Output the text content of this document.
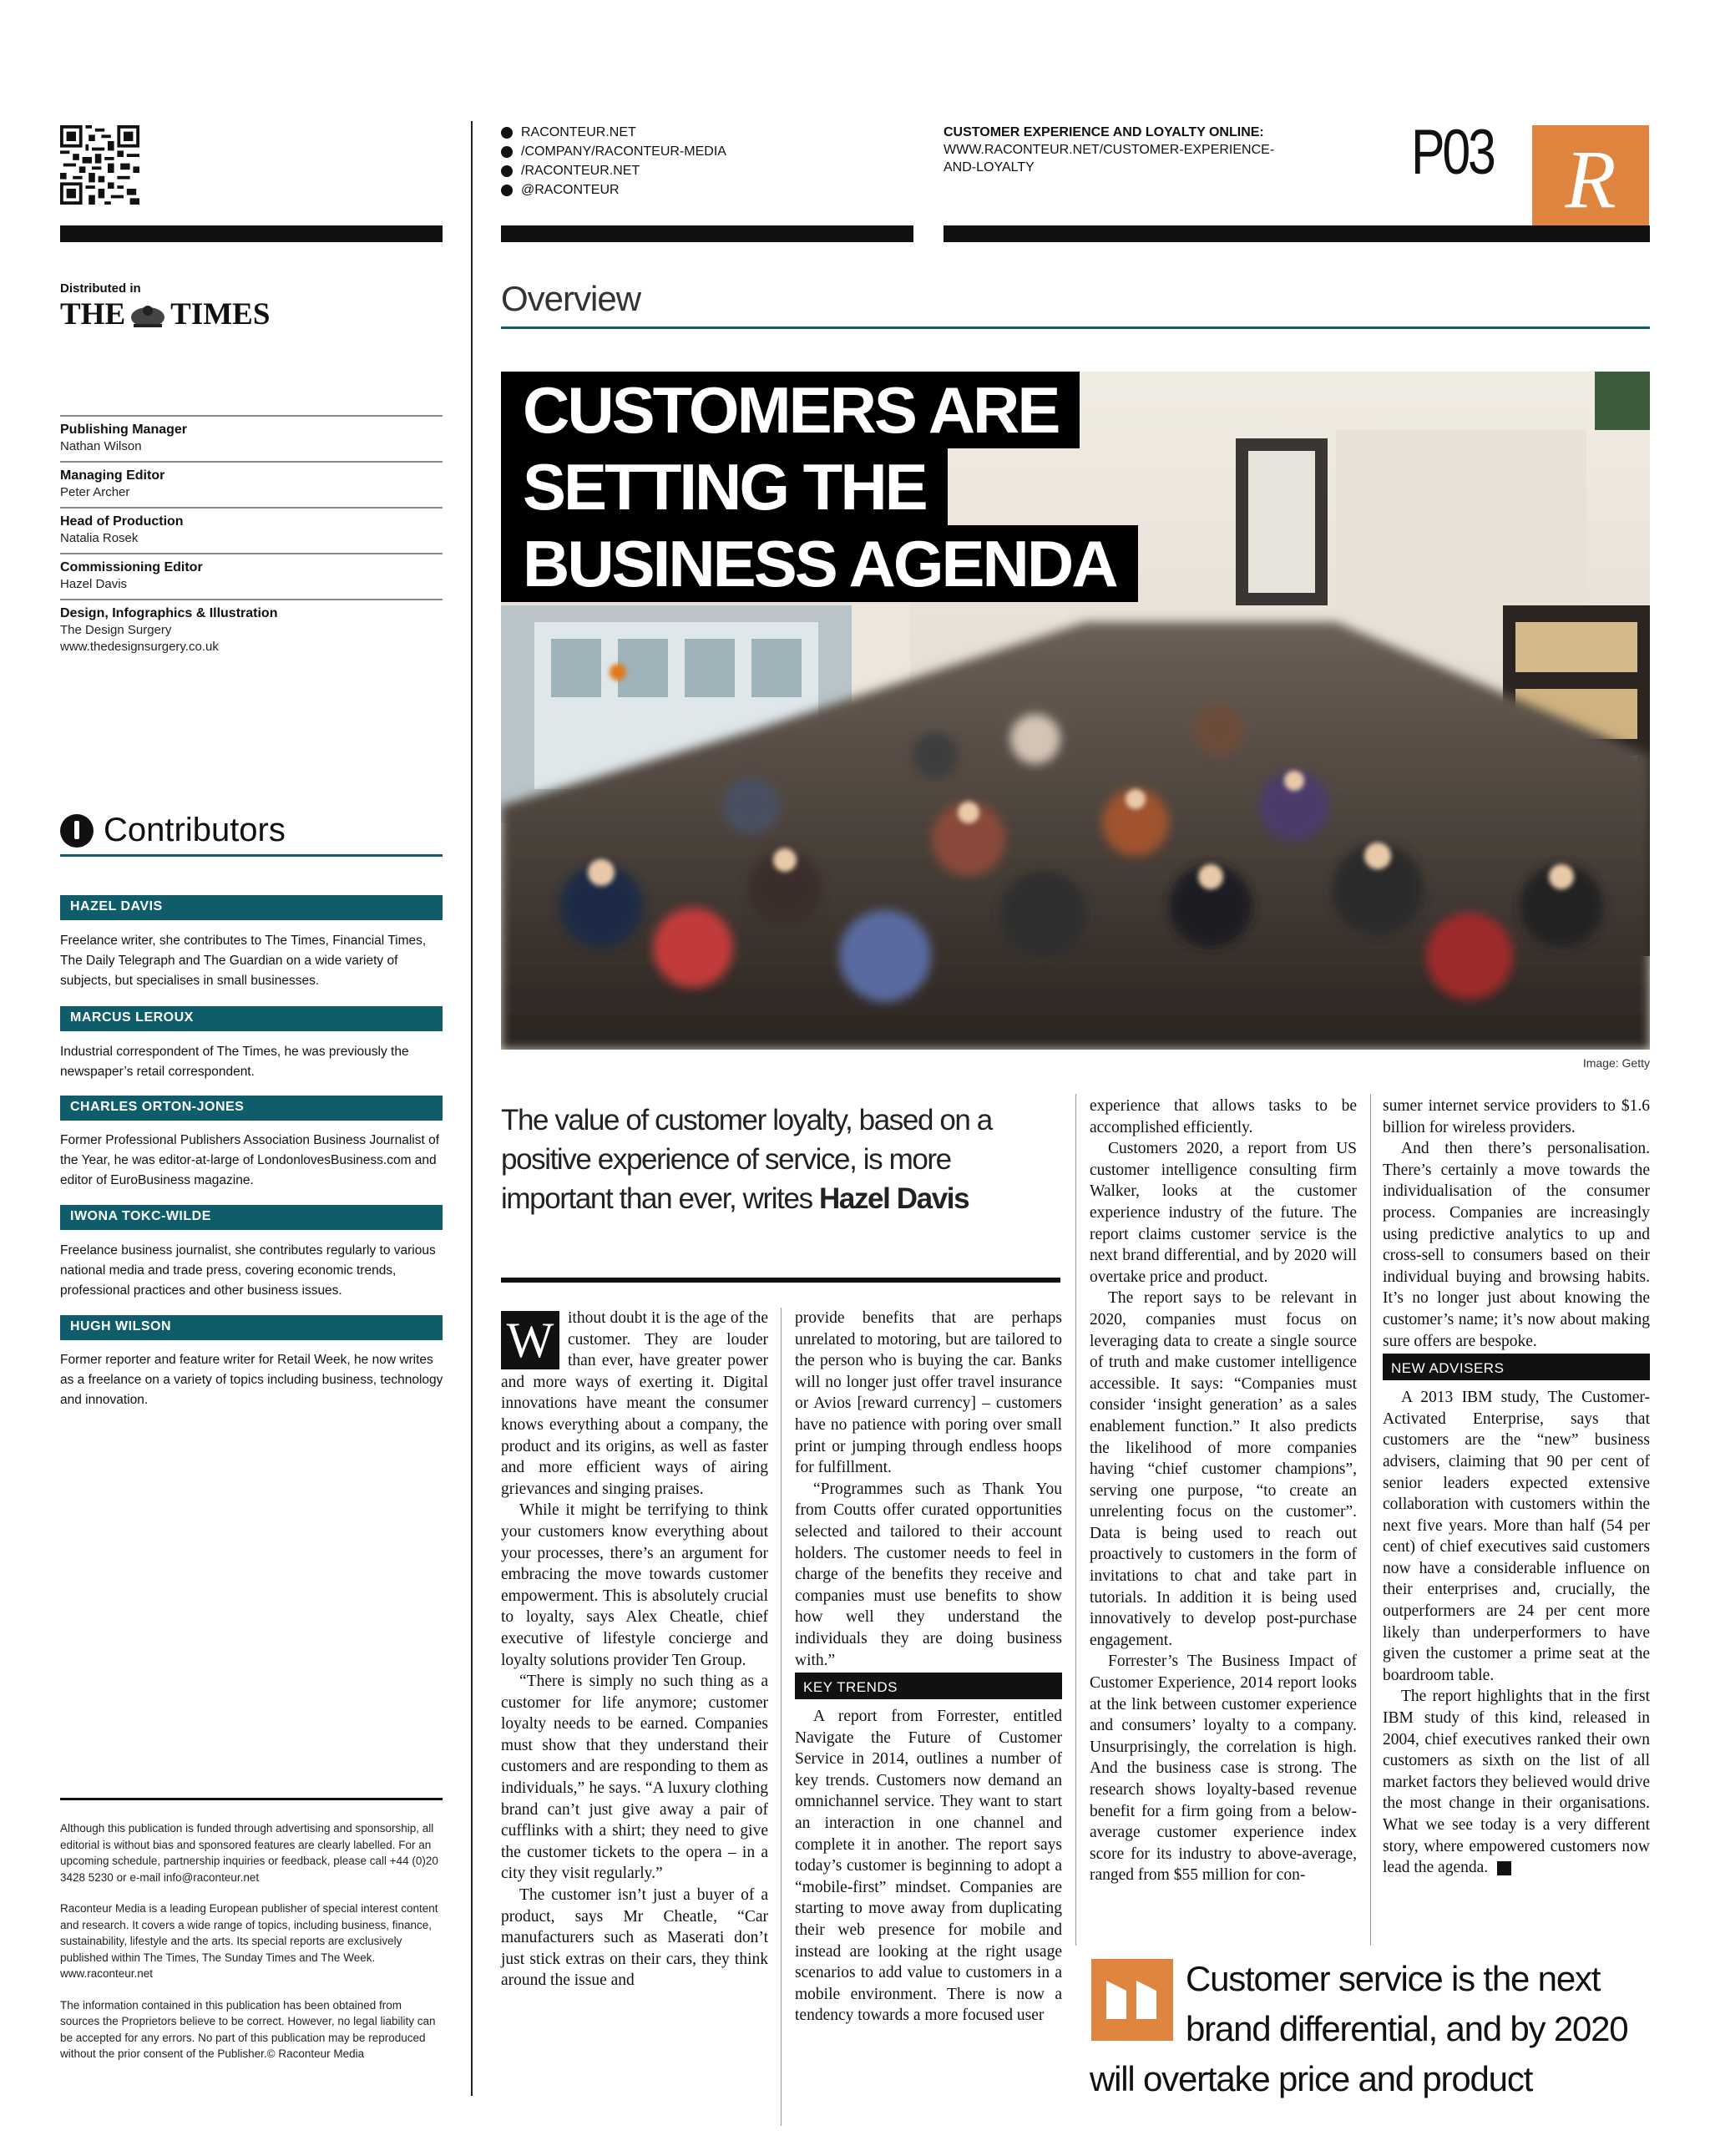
RACONTEUR.NET
/COMPANY/RACONTEUR-MEDIA
/RACONTEUR.NET
@RACONTEUR
CUSTOMER EXPERIENCE AND LOYALTY ONLINE:
WWW.RACONTEUR.NET/CUSTOMER-EXPERIENCE-
AND-LOYALTY	P03 R
Distributed in
THE TIMES
Publishing Manager
Nathan Wilson
Managing Editor
Peter Archer
Head of Production
Natalia Rosek
Commissioning Editor
Hazel Davis
Design, Infographics & Illustration
The Design Surgery
www.thedesignsurgery.co.uk
Contributors
HAZEL DAVIS
Freelance writer, she contributes to The Times, Financial Times, The Daily Telegraph and The Guardian on a wide variety of subjects, but specialises in small businesses.
MARCUS LEROUX
Industrial correspondent of The Times, he was previously the newspaper’s retail correspondent.
CHARLES ORTON-JONES
Former Professional Publishers Association Business Journalist of the Year, he was editor-at-large of LondonlovesBusiness.com and editor of EuroBusiness magazine.
IWONA TOKC-WILDE
Freelance business journalist, she contributes regularly to various national media and trade press, covering economic trends, professional practices and other business issues.
HUGH WILSON
Former reporter and feature writer for Retail Week, he now writes as a freelance on a variety of topics including business, technology and innovation.

Although this publication is funded through advertising and sponsorship, all editorial is without bias and sponsored features are clearly labelled. For an upcoming schedule, partnership inquiries or feedback, please call +44 (0)20 3428 5230 or e-mail info@raconteur.net

Raconteur Media is a leading European publisher of special interest content and research. It covers a wide range of topics, including business, finance, sustainability, lifestyle and the arts. Its special reports are exclusively published within The Times, The Sunday Times and The Week. www.raconteur.net

The information contained in this publication has been obtained from sources the Proprietors believe to be correct. However, no legal liability can be accepted for any errors. No part of this publication may be reproduced without the prior consent of the Publisher.© Raconteur Media

Overview
CUSTOMERS ARE
SETTING THE
BUSINESS AGENDA
Image: Getty
The value of customer loyalty, based on a positive experience of service, is more important than ever, writes Hazel Davis
W ithout doubt it is the age of the customer. They are louder than ever, have greater power and more ways of exerting it. Digital innovations have meant the consumer knows everything about a company, the product and its origins, as well as faster and more efficient ways of airing grievances and singing praises.

While it might be terrifying to think your customers know everything about your processes, there’s an argument for embracing the move towards customer empowerment. This is absolutely crucial to loyalty, says Alex Cheatle, chief executive of lifestyle concierge and loyalty solutions provider Ten Group.

“There is simply no such thing as a customer for life anymore; customer loyalty needs to be earned. Companies must show that they understand their customers and are responding to them as individuals,” he says. “A luxury clothing brand can’t just give away a pair of cufflinks with a shirt; they need to give the customer tickets to the opera – in a city they visit regularly.”

The customer isn’t just a buyer of a product, says Mr Cheatle, “Car manufacturers such as Maserati don’t just stick extras on their cars, they think around the issue and

provide benefits that are perhaps unrelated to motoring, but are tailored to the person who is buying the car. Banks will no longer just offer travel insurance or Avios [reward currency] – customers have no patience with poring over small print or jumping through endless hoops for fulfillment.

“Programmes such as Thank You from Coutts offer curated opportunities selected and tailored to their account holders. The customer needs to feel in charge of the benefits they receive and companies must use benefits to show how well they understand the individuals they are doing business with.”

KEY TRENDS

A report from Forrester, entitled Navigate the Future of Customer Service in 2014, outlines a number of key trends. Customers now demand an omnichannel service. They want to start an interaction in one channel and complete it in another. The report says today’s customer is beginning to adopt a “mobile-first” mindset. Companies are starting to move away from duplicating their web presence for mobile and instead are looking at the right usage scenarios to add value to customers in a mobile environment. There is now a tendency towards a more focused user

experience that allows tasks to be accomplished efficiently.

Customers 2020, a report from US customer intelligence consulting firm Walker, looks at the customer experience industry of the future. The report claims customer service is the next brand differential, and by 2020 will overtake price and product.

The report says to be relevant in 2020, companies must focus on leveraging data to create a single source of truth and make customer intelligence accessible. It says: “Companies must consider ‘insight generation’ as a sales enablement function.” It also predicts the likelihood of more companies having “chief customer champions”, serving one purpose, “to create an unrelenting focus on the customer”. Data is being used to reach out proactively to customers in the form of invitations to chat and take part in tutorials. In addition it is being used innovatively to develop post-purchase engagement.

Forrester’s The Business Impact of Customer Experience, 2014 report looks at the link between customer experience and consumers’ loyalty to a company. Unsurprisingly, the correlation is high. And the business case is strong. The research shows loyalty-based revenue benefit for a firm going from a below-average customer experience index score for its industry to above-average, ranged from $55 million for con-

sumer internet service providers to $1.6 billion for wireless providers.

And then there’s personalisation. There’s certainly a move towards the individualisation of the consumer process. Companies are increasingly using predictive analytics to up and cross-sell to consumers based on their individual buying and browsing habits. It’s no longer just about knowing the customer’s name; it’s now about making sure offers are bespoke.

NEW ADVISERS

A 2013 IBM study, The Customer-Activated Enterprise, says that customers are the “new” business advisers, claiming that 90 per cent of senior leaders expected extensive collaboration with customers within the next five years. More than half (54 per cent) of chief executives said customers now have a considerable influence on their enterprises and, crucially, the outperformers are 24 per cent more likely than underperformers to have given the customer a prime seat at the boardroom table.

The report highlights that in the first IBM study of this kind, released in 2004, chief executives ranked their own customers as sixth on the list of all market factors they believed would drive the most change in their organisations. What we see today is a very different story, where empowered customers now lead the agenda.

Customer service is the next
brand differential, and by 2020
will overtake price and product
